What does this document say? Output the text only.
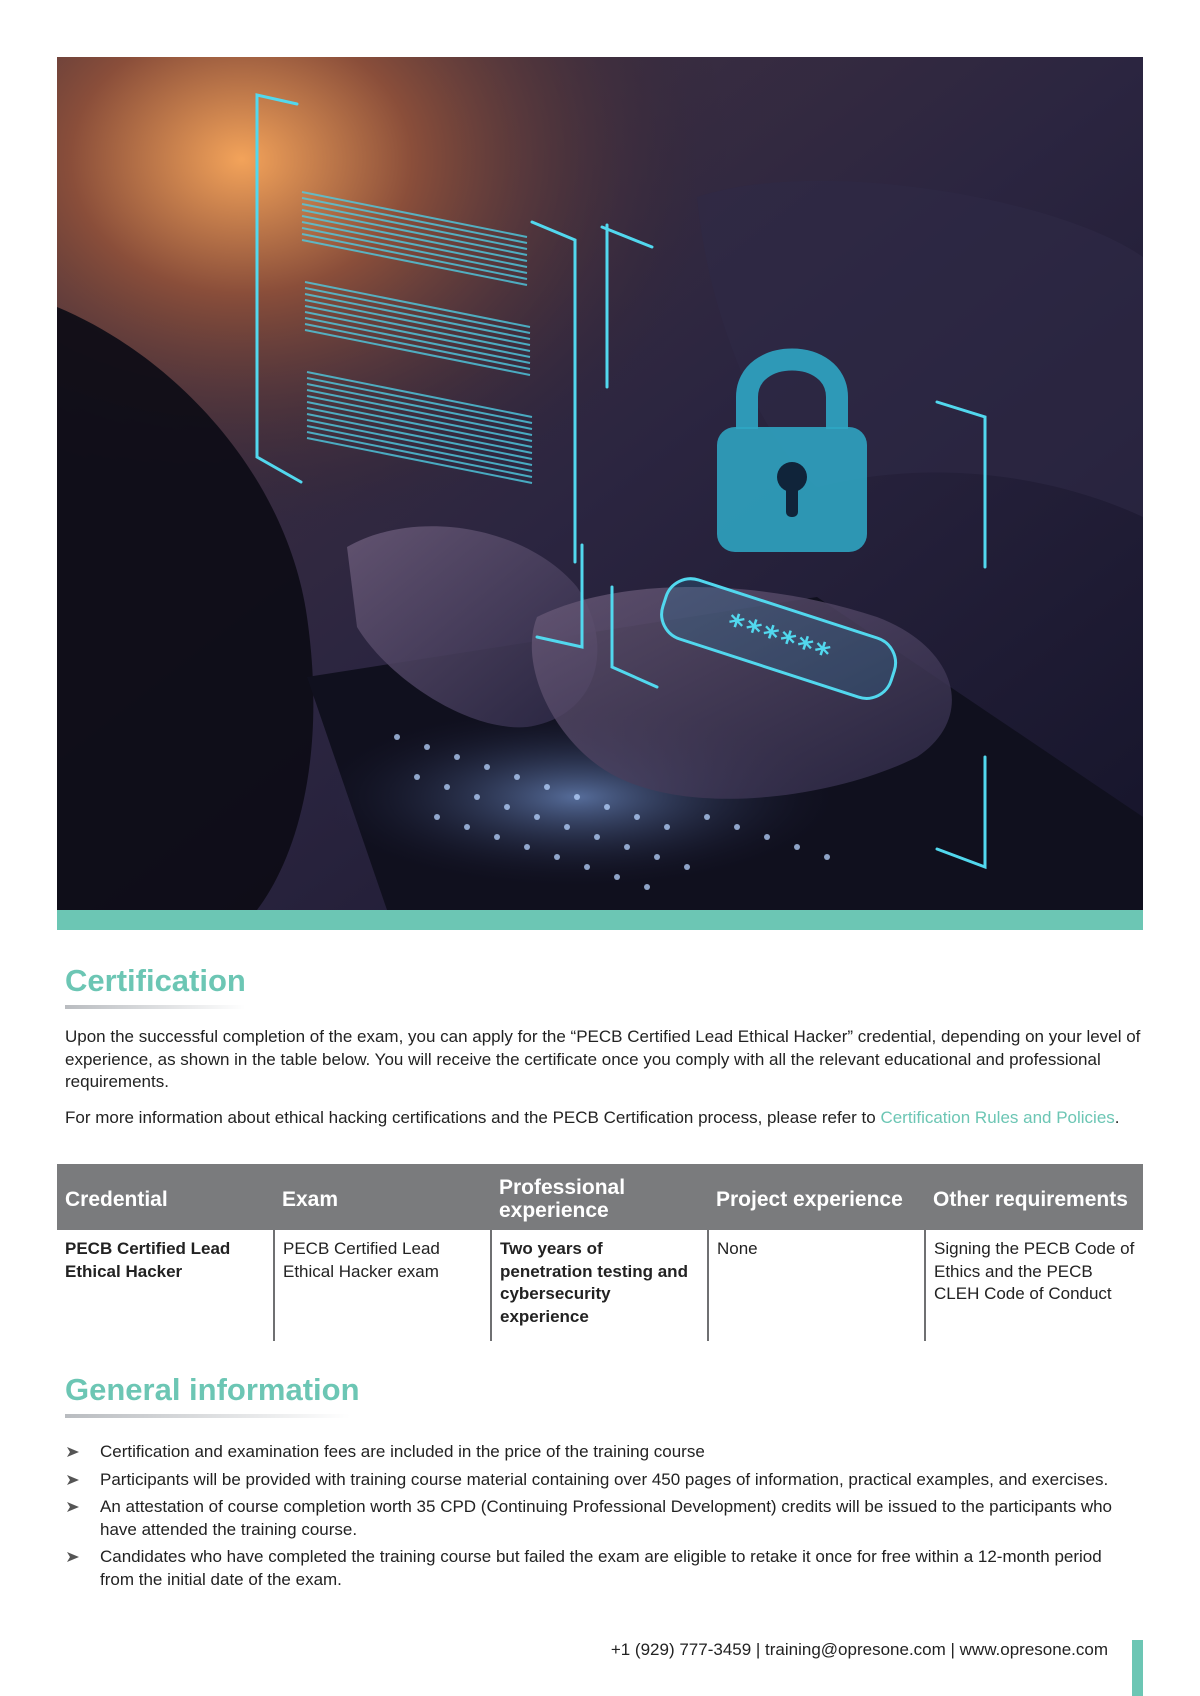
******
Certification

Upon the successful completion of the exam, you can apply for the “PECB Certified Lead Ethical Hacker” credential, depending on your level of experience, as shown in the table below. You will receive the certificate once you comply with all the relevant educational and professional requirements.

For more information about ethical hacking certifications and the PECB Certification process, please refer to Certification Rules and Policies.

Credential	Exam	Professional experience	Project experience	Other requirements
PECB Certified Lead Ethical Hacker	PECB Certified Lead Ethical Hacker exam	Two years of penetration testing and cybersecurity experience	None	Signing the PECB Code of Ethics and the PECB CLEH Code of Conduct
General information
Certification and examination fees are included in the price of the training course
Participants will be provided with training course material containing over 450 pages of information, practical examples, and exercises.
An attestation of course completion worth 35 CPD (Continuing Professional Development) credits will be issued to the participants who have attended the training course.
Candidates who have completed the training course but failed the exam are eligible to retake it once for free within a 12-month period from the initial date of the exam.
+1 (929) 777-3459 | training@opresone.com | www.opresone.com
